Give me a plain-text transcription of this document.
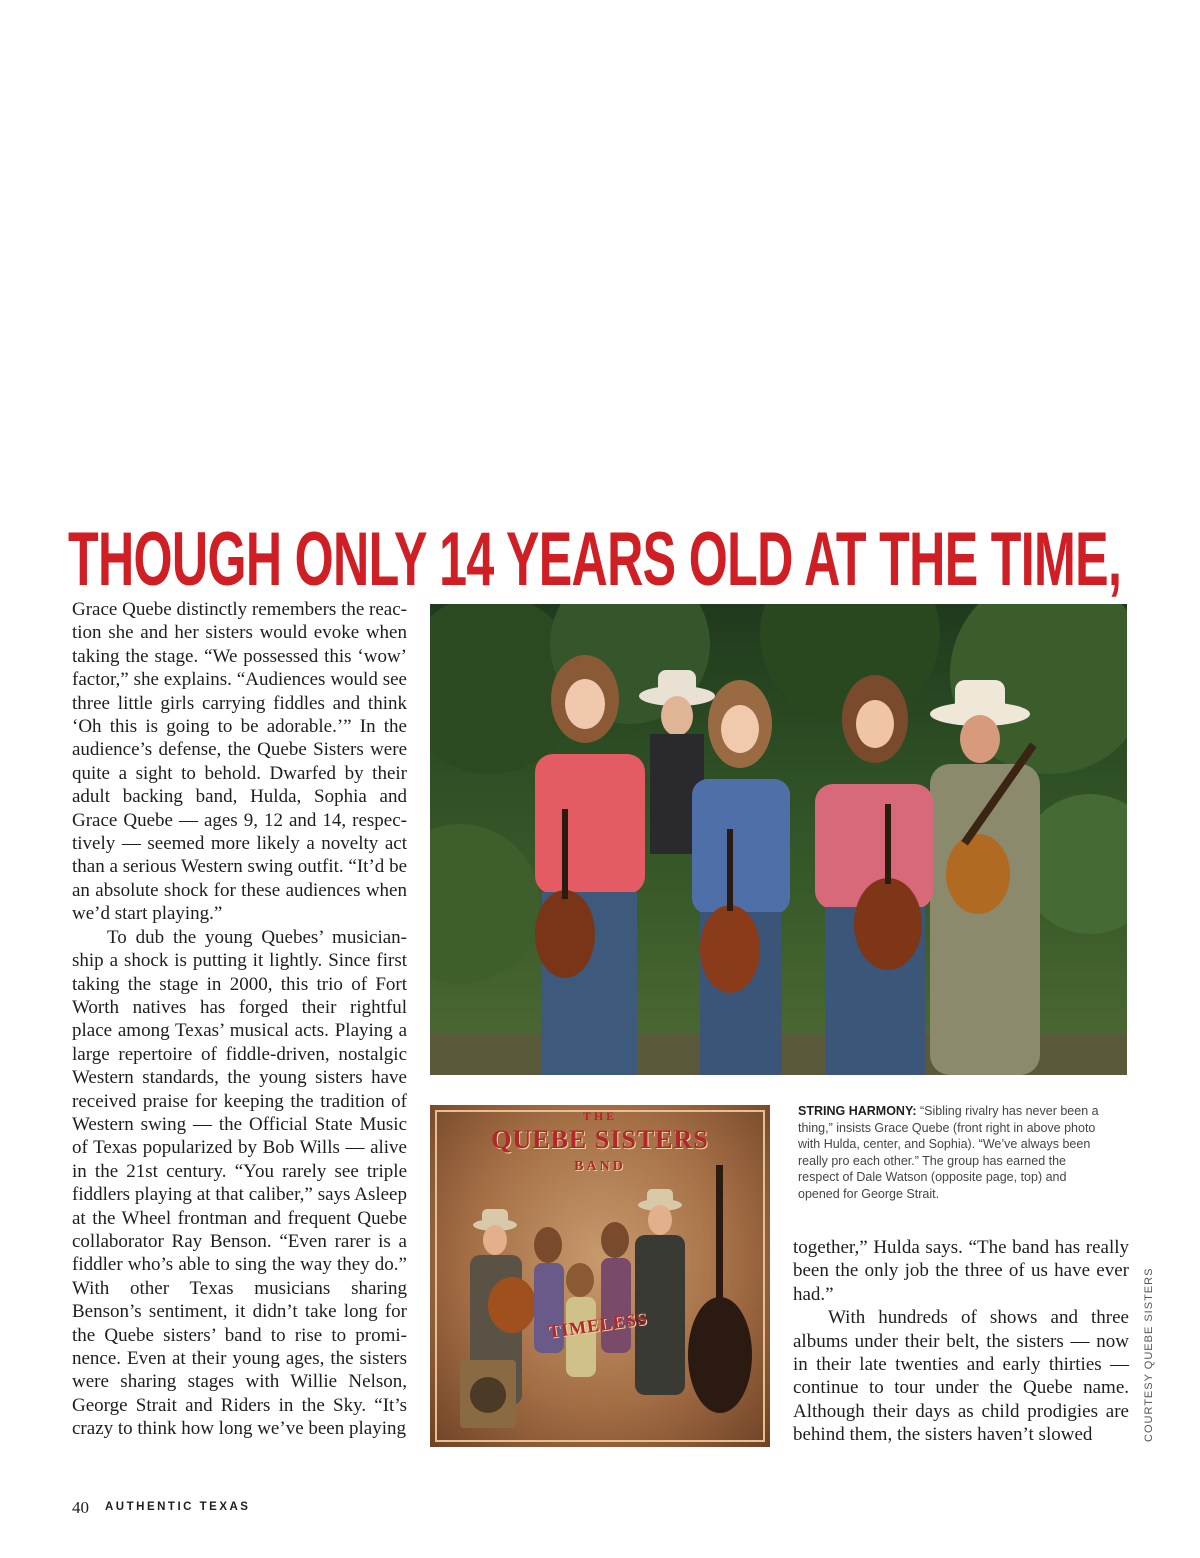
THOUGH ONLY 14 YEARS OLD AT THE TIME,

Grace Quebe distinctly remembers the reaction she and her sisters would evoke when taking the stage. “We possessed this ‘wow’ factor,” she explains. “Audiences would see three little girls carrying fiddles and think ‘Oh this is going to be adorable.’” In the audience’s defense, the Quebe Sisters were quite a sight to behold. Dwarfed by their adult backing band, Hulda, Sophia and Grace Quebe — ages 9, 12 and 14, respectively — seemed more likely a novelty act than a serious Western swing outfit. “It’d be an absolute shock for these audiences when we’d start playing.”

To dub the young Quebes’ musicianship a shock is putting it lightly. Since first taking the stage in 2000, this trio of Fort Worth natives has forged their rightful place among Texas’ musical acts. Playing a large repertoire of fiddle-driven, nostalgic Western standards, the young sisters have received praise for keeping the tradition of Western swing — the Official State Music of Texas popularized by Bob Wills — alive in the 21st century. “You rarely see triple fiddlers playing at that caliber,” says Asleep at the Wheel frontman and frequent Quebe collaborator Ray Benson. “Even rarer is a fiddler who’s able to sing the way they do.” With other Texas musicians sharing Benson’s sentiment, it didn’t take long for the Quebe sisters’ band to rise to prominence. Even at their young ages, the sisters were sharing stages with Willie Nelson, George Strait and Riders in the Sky. “It’s crazy to think how long we’ve been playing

THE
QUEBE SISTERS
BAND
TIMELESS
STRING HARMONY: “Sibling rivalry has never been a thing,” insists Grace Quebe (front right in above photo with Hulda, center, and Sophia). “We’ve always been really pro each other.” The group has earned the respect of Dale Watson (opposite page, top) and opened for George Strait.

together,” Hulda says. “The band has really been the only job the three of us have ever had.”

With hundreds of shows and three albums under their belt, the sisters — now in their late twenties and early thirties — continue to tour under the Quebe name. Although their days as child prodigies are behind them, the sisters haven’t slowed	COURTESY QUEBE SISTERS
40 AUTHENTIC TEXAS
